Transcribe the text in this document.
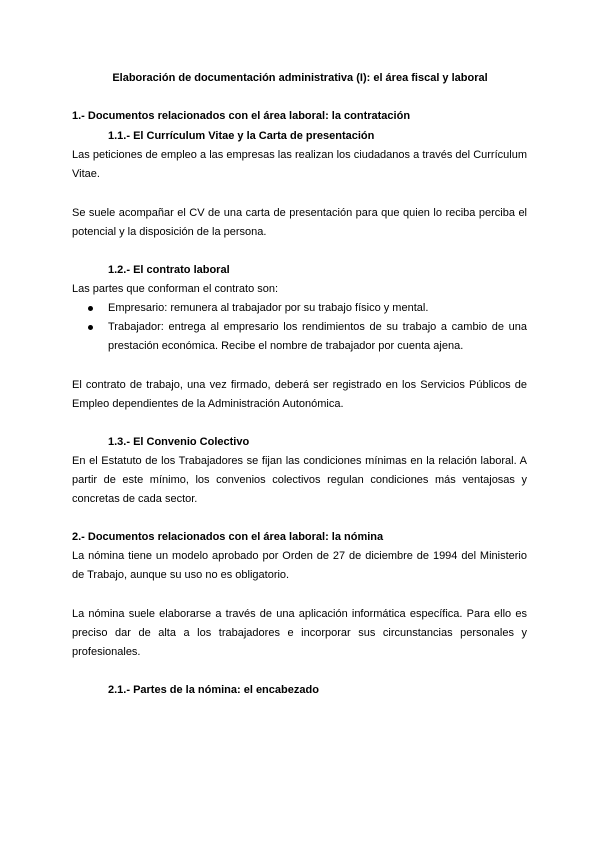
Elaboración de documentación administrativa (I): el área fiscal y laboral
1.- Documentos relacionados con el área laboral: la contratación
1.1.- El Currículum Vitae y la Carta de presentación
Las peticiones de empleo a las empresas las realizan los ciudadanos a través del Currículum Vitae.
Se suele acompañar el CV de una carta de presentación para que quien lo reciba perciba el potencial y la disposición de la persona.
1.2.- El contrato laboral
Las partes que conforman el contrato son:
Empresario: remunera al trabajador por su trabajo físico y mental.
Trabajador: entrega al empresario los rendimientos de su trabajo a cambio de una prestación económica. Recibe el nombre de trabajador por cuenta ajena.
El contrato de trabajo, una vez firmado, deberá ser registrado en los Servicios Públicos de Empleo dependientes de la Administración Autonómica.
1.3.- El Convenio Colectivo
En el Estatuto de los Trabajadores se fijan las condiciones mínimas en la relación laboral. A partir de este mínimo, los convenios colectivos regulan condiciones más ventajosas y concretas de cada sector.
2.- Documentos relacionados con el área laboral: la nómina
La nómina tiene un modelo aprobado por Orden de 27 de diciembre de 1994 del Ministerio de Trabajo, aunque su uso no es obligatorio.
La nómina suele elaborarse a través de una aplicación informática específica. Para ello es preciso dar de alta a los trabajadores e incorporar sus circunstancias personales y profesionales.
2.1.- Partes de la nómina: el encabezado
